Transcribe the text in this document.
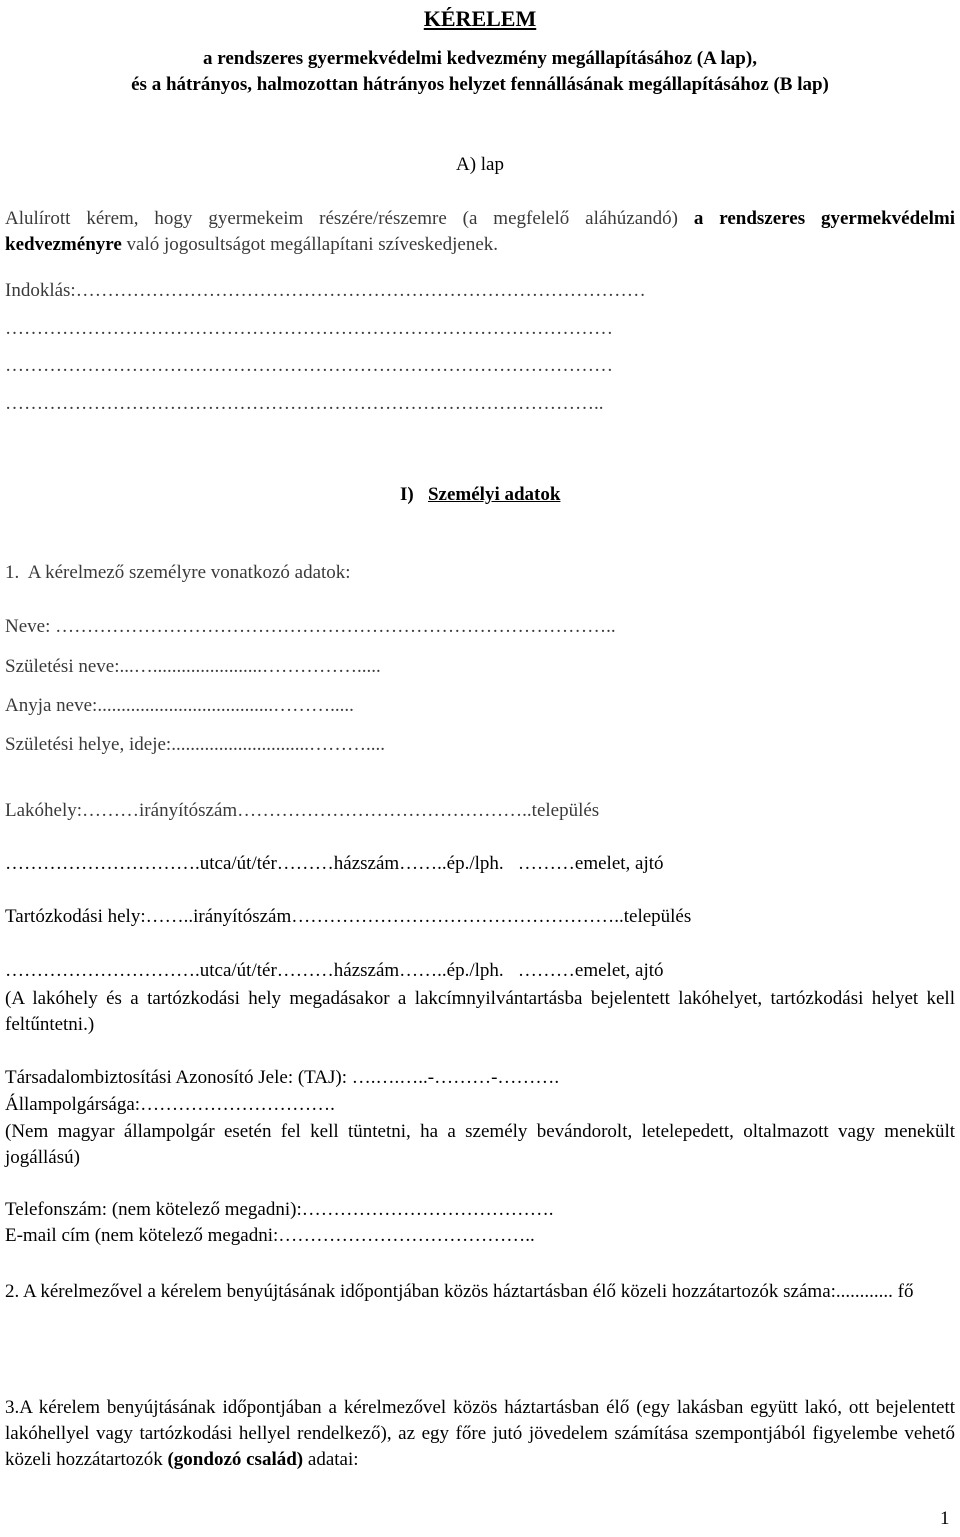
KÉRELEM
a rendszeres gyermekvédelmi kedvezmény megállapításához (A lap),
és a hátrányos, halmozottan hátrányos helyzet fennállásának megállapításához (B lap)
A) lap
Alulírott kérem, hogy gyermekeim részére/részemre (a megfelelő aláhúzandó) a rendszeres gyermekvédelmi kedvezményre való jogosultságot megállapítani szíveskedjenek.
Indoklás:………………………………………………………………………………
……………………………………………………………………………………
……………………………………………………………………………………
…………………………………………………………………………………..
I) Személyi adatok
1.  A kérelmező személyre vonatkozó adatok:
Neve: ……………………………………………………………………………..
Születési neve:...….......................…………….....
Anyja neve:.....................................……….....
Születési helye, ideje:.............................………....
Lakóhely:………irányítószám………………………………………..település
………………………….utca/út/tér………házszám……..ép./lph.   ………emelet, ajtó
Tartózkodási hely:……..irányítószám……………………………………………..település
………………………….utca/út/tér………házszám……..ép./lph.   ………emelet, ajtó
(A lakóhely és a tartózkodási hely megadásakor a lakcímnyilvántartásba bejelentett lakóhelyet, tartózkodási helyet kell feltűntetni.)
Társadalombiztosítási Azonosító Jele: (TAJ): ….….…..-………-……….
Állampolgársága:………………………….
(Nem magyar állampolgár esetén fel kell tüntetni, ha a személy bevándorolt, letelepedett, oltalmazott vagy menekült jogállású)
Telefonszám: (nem kötelező megadni):………………………………….
E-mail cím (nem kötelező megadni:…………………………………..
2. A kérelmezővel a kérelem benyújtásának időpontjában közös háztartásban élő közeli hozzátartozók száma:............ fő
3.A kérelem benyújtásának időpontjában a kérelmezővel közös háztartásban élő (egy lakásban együtt lakó, ott bejelentett lakóhellyel vagy tartózkodási hellyel rendelkező), az egy főre jutó jövedelem számítása szempontjából figyelembe vehető közeli hozzátartozók (gondozó család) adatai:
1
